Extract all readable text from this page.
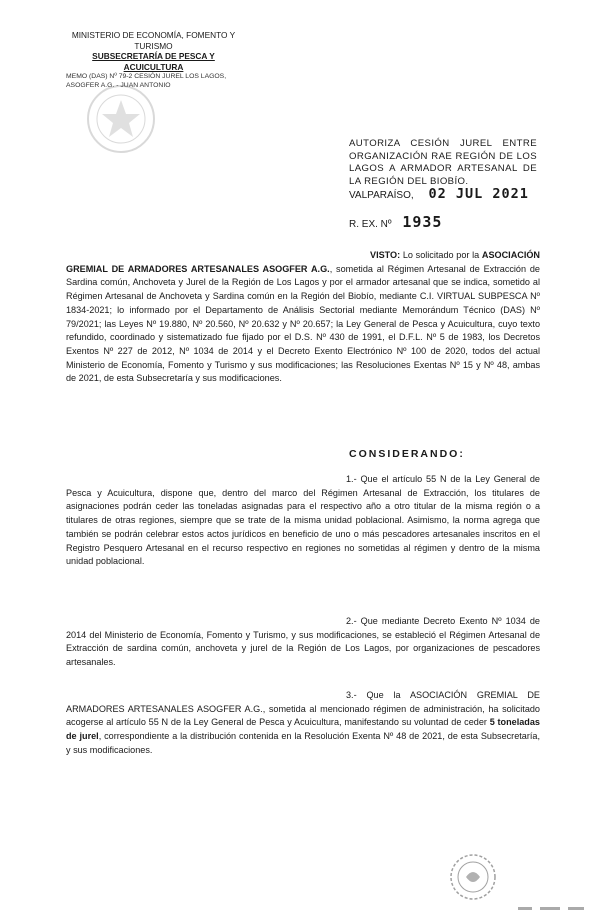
MINISTERIO DE ECONOMÍA, FOMENTO Y
TURISMO
SUBSECRETARÍA DE PESCA Y ACUICULTURA
MEMO (DAS) Nº 79-2 CESIÓN JUREL LOS LAGOS,
ASOGFER A.G. - JUAN ANTONIO
AUTORIZA CESIÓN JUREL ENTRE ORGANIZACIÓN RAE REGIÓN DE LOS LAGOS A ARMADOR ARTESANAL DE LA REGIÓN DEL BIOBÍO.
VALPARAÍSO, 02 JUL 2021
R. EX. Nº 1935
VISTO: Lo solicitado por la ASOCIACIÓN GREMIAL DE ARMADORES ARTESANALES ASOGFER A.G., sometida al Régimen Artesanal de Extracción de Sardina común, Anchoveta y Jurel de la Región de Los Lagos y por el armador artesanal que se indica, sometido al Régimen Artesanal de Anchoveta y Sardina común en la Región del Biobío, mediante C.I. VIRTUAL SUBPESCA Nº 1834-2021; lo informado por el Departamento de Análisis Sectorial mediante Memorándum Técnico (DAS) Nº 79/2021; las Leyes Nº 19.880, Nº 20.560, Nº 20.632 y Nº 20.657; la Ley General de Pesca y Acuicultura, cuyo texto refundido, coordinado y sistematizado fue fijado por el D.S. Nº 430 de 1991, el D.F.L. Nº 5 de 1983, los Decretos Exentos Nº 227 de 2012, Nº 1034 de 2014 y el Decreto Exento Electrónico Nº 100 de 2020, todos del actual Ministerio de Economía, Fomento y Turismo y sus modificaciones; las Resoluciones Exentas Nº 15 y Nº 48, ambas de 2021, de esta Subsecretaría y sus modificaciones.
CONSIDERANDO:
1.- Que el artículo 55 N de la Ley General de Pesca y Acuicultura, dispone que, dentro del marco del Régimen Artesanal de Extracción, los titulares de asignaciones podrán ceder las toneladas asignadas para el respectivo año a otro titular de la misma región o a titulares de otras regiones, siempre que se trate de la misma unidad poblacional. Asimismo, la norma agrega que también se podrán celebrar estos actos jurídicos en beneficio de uno o más pescadores artesanales inscritos en el Registro Pesquero Artesanal en el recurso respectivo en regiones no sometidas al régimen y dentro de la misma unidad poblacional.
2.- Que mediante Decreto Exento Nº 1034 de 2014 del Ministerio de Economía, Fomento y Turismo, y sus modificaciones, se estableció el Régimen Artesanal de Extracción de sardina común, anchoveta y jurel de la Región de Los Lagos, por organizaciones de pescadores artesanales.
3.- Que la ASOCIACIÓN GREMIAL DE ARMADORES ARTESANALES ASOGFER A.G., sometida al mencionado régimen de administración, ha solicitado acogerse al artículo 55 N de la Ley General de Pesca y Acuicultura, manifestando su voluntad de ceder 5 toneladas de jurel, correspondiente a la distribución contenida en la Resolución Exenta Nº 48 de 2021, de esta Subsecretaría, y sus modificaciones.
